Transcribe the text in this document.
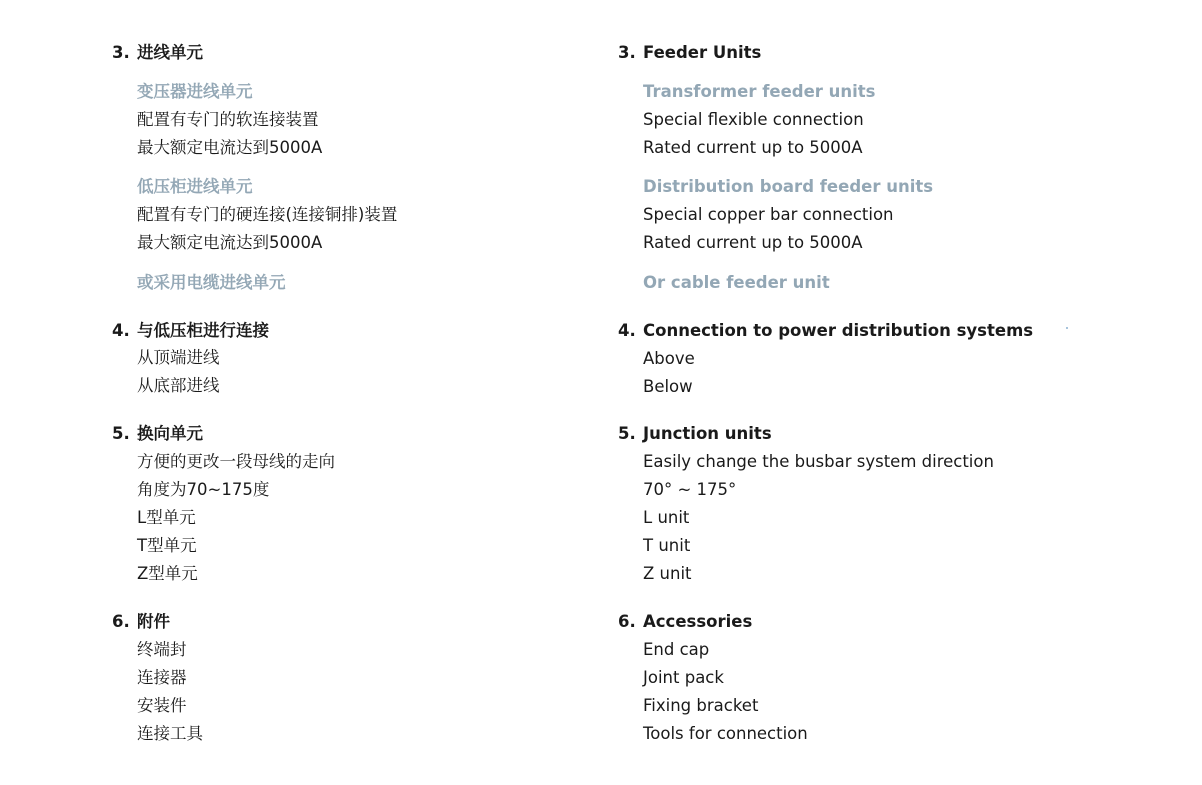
3. 进线单元
变压器进线单元
配置有专门的软连接装置
最大额定电流达到5000A
低压柜进线单元
配置有专门的硬连接(连接铜排)装置
最大额定电流达到5000A
或采用电缆进线单元
4. 与低压柜进行连接
从顶端进线
从底部进线
5. 换向单元
方便的更改一段母线的走向
角度为70~175度
L型单元
T型单元
Z型单元
6. 附件
终端封
连接器
安装件
连接工具
3. Feeder Units
Transformer feeder units
Special flexible connection
Rated current up to 5000A
Distribution board feeder units
Special copper bar connection
Rated current up to 5000A
Or cable feeder unit
4. Connection to power distribution systems
Above
Below
5. Junction units
Easily change the busbar system direction
70° ~ 175°
L unit
T unit
Z unit
6. Accessories
End cap
Joint pack
Fixing bracket
Tools for connection
